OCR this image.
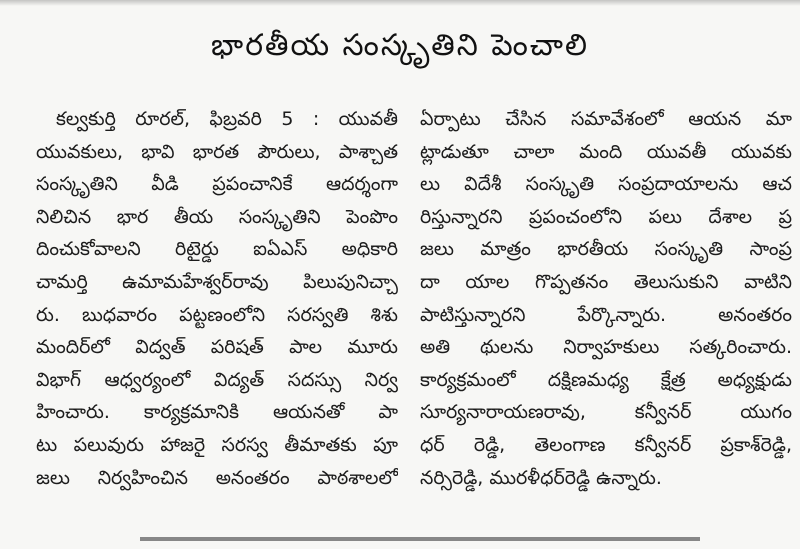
భారతీయ సంస్కృతిని పెంచాలి
కల్వకుర్తి రూరల్, ఫిబ్రవరి 5 : యువతీ
యువకులు, భావి భారత పౌరులు, పాశ్చాత
సంస్కృతిని వీడి ప్రపంచానికే ఆదర్శంగా
నిలిచిన భార తీయ సంస్కృతిని పెంపొం
దించుకోవాలని రిటైర్డు ఐఏఎస్ అధికారి
చామర్తి ఉమామహేశ్వర్‌రావు పిలుపునిచ్చా
రు. బుధవారం పట్టణంలోని సరస్వతి శిశు
మందిర్‌లో విద్వత్ పరిషత్ పాల మూరు
విభాగ్ ఆధ్వర్యంలో విద్యత్ సదస్సు నిర్వ
హించారు. కార్యక్రమానికి ఆయనతో పా
టు పలువురు హాజరై సరస్వ తీమాతకు పూ
జలు నిర్వహించిన అనంతరం పాఠశాలలో
ఏర్పాటు చేసిన సమావేశంలో ఆయన మా
ట్లాడుతూ చాలా మంది యువతీ యువకు
లు విదేశీ సంస్కృతి సంప్రదాయాలను ఆచ
రిస్తున్నారని ప్రపంచంలోని పలు దేశాల ప్ర
జలు మాత్రం భారతీయ సంస్కృతి సాంప్ర
దా యాల గొప్పతనం తెలుసుకుని వాటిని
పాటిస్తున్నారని పేర్కొన్నారు. అనంతరం
అతి థులను నిర్వాహకులు సత్కరించారు.
కార్యక్రమంలో దక్షిణమధ్య క్షేత్ర అధ్యక్షుడు
సూర్యనారాయణరావు, కన్వీనర్ యుగం
ధర్ రెడ్డి, తెలంగాణ కన్వీనర్ ప్రకాశ్‌రెడ్డి,
నర్సిరెడ్డి, మురళీధర్‌రెడ్డి ఉన్నారు.
